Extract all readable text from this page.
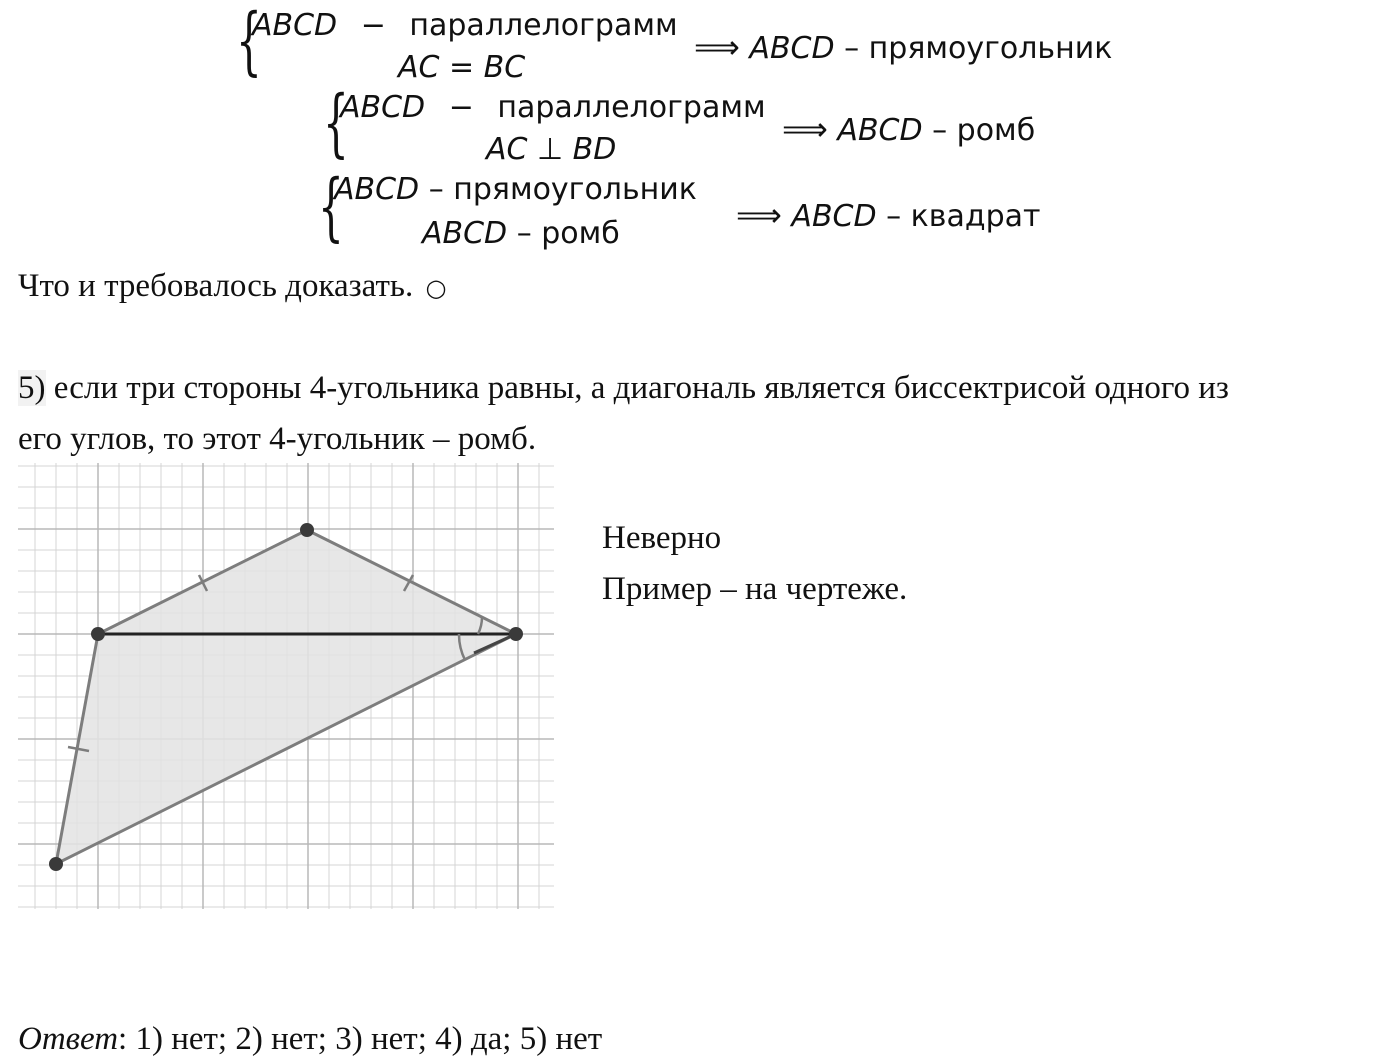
{
ABCD − параллелограмм
AC = BC
⟹ ABCD – прямоугольник
{
ABCD − параллелограмм
AC ⊥ BD
⟹ ABCD – ромб
{
ABCD – прямоугольник
ABCD – ромб	⟹ ABCD – квадрат
Что и требовалось доказать. ○
5) если три стороны 4-угольника равны, а диагональ является биссектрисой одного из
его углов, то этот 4-угольник – ромб.
Неверно
Пример – на чертеже.
Ответ: 1) нет; 2) нет; 3) нет; 4) да; 5) нет
